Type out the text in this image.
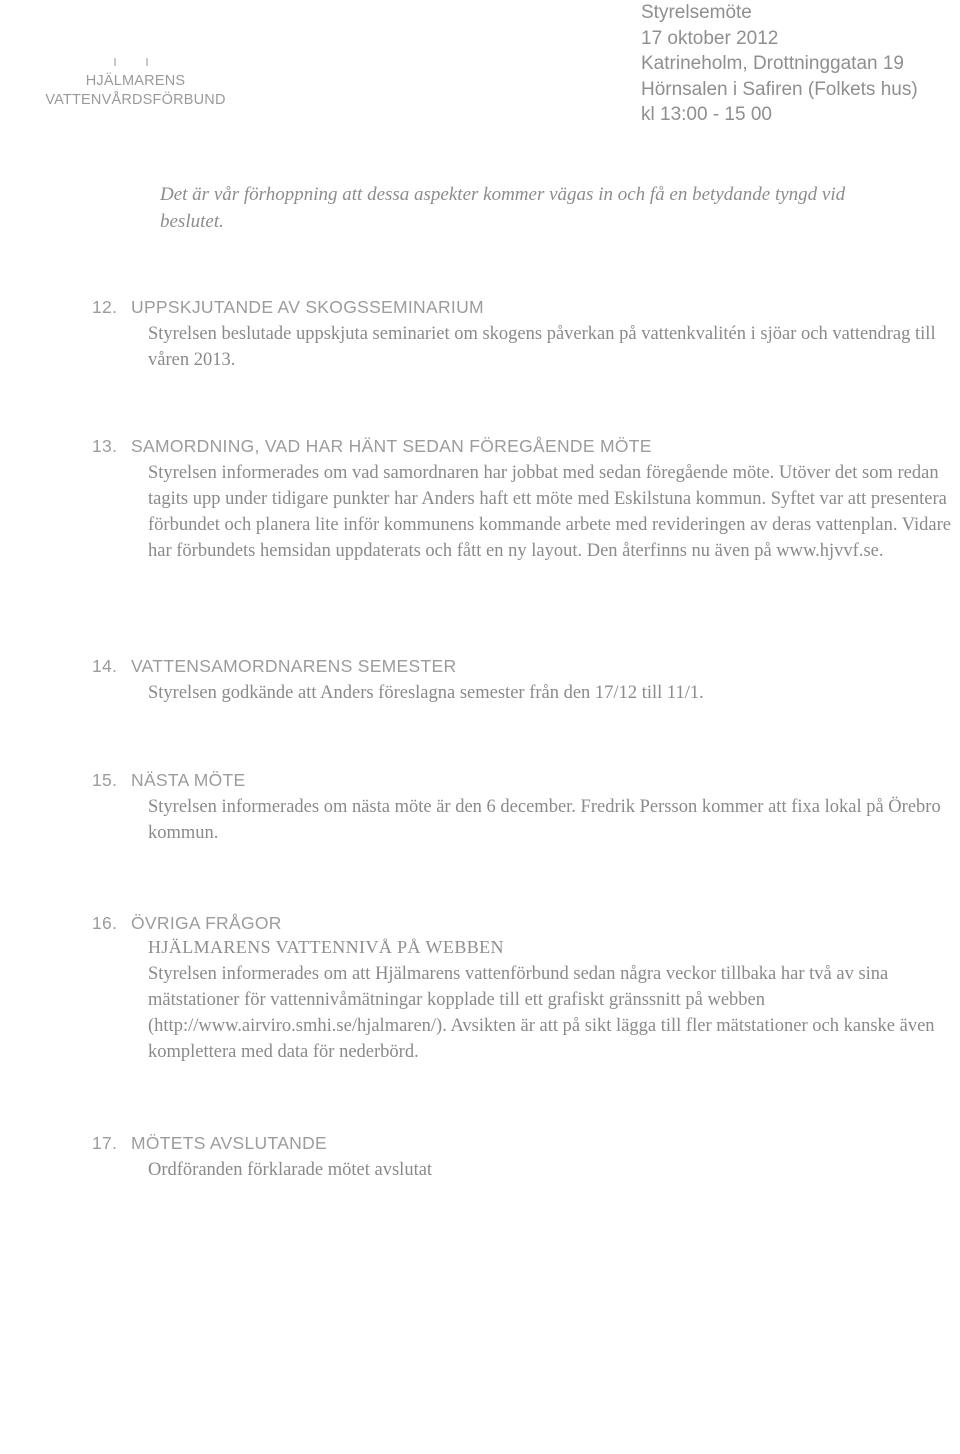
HJÄLMARENS
VATTENVÅRDSFÖRBUND
Styrelsemöte
17 oktober 2012
Katrineholm, Drottninggatan 19
Hörnsalen i Safiren (Folkets hus)
kl 13:00 - 15 00
Det är vår förhoppning att dessa aspekter kommer vägas in och få en betydande tyngd vid beslutet.
12. UPPSKJUTANDE AV SKOGSSEMINARIUM
Styrelsen beslutade uppskjuta seminariet om skogens påverkan på vattenkvalitén i sjöar och vattendrag till våren 2013.
13. SAMORDNING, VAD HAR HÄNT SEDAN FÖREGÅENDE MÖTE
Styrelsen informerades om vad samordnaren har jobbat med sedan föregående möte. Utöver det som redan tagits upp under tidigare punkter har Anders haft ett möte med Eskilstuna kommun. Syftet var att presentera förbundet och planera lite inför kommunens kommande arbete med revideringen av deras vattenplan. Vidare har förbundets hemsidan uppdaterats och fått en ny layout. Den återfinns nu även på www.hjvvf.se.
14. VATTENSAMORDNARENS SEMESTER
Styrelsen godkände att Anders föreslagna semester från den 17/12 till 11/1.
15. NÄSTA MÖTE
Styrelsen informerades om nästa möte är den 6 december. Fredrik Persson kommer att fixa lokal på Örebro kommun.
16. ÖVRIGA FRÅGOR
HJÄLMARENS VATTENNIVÅ PÅ WEBBEN
Styrelsen informerades om att Hjälmarens vattenförbund sedan några veckor tillbaka har två av sina mätstationer för vattennivåmätningar kopplade till ett grafiskt gränssnitt på webben (http://www.airviro.smhi.se/hjalmaren/). Avsikten är att på sikt lägga till fler mätstationer och kanske även komplettera med data för nederbörd.
17. MÖTETS AVSLUTANDE
Ordföranden förklarade mötet avslutat
